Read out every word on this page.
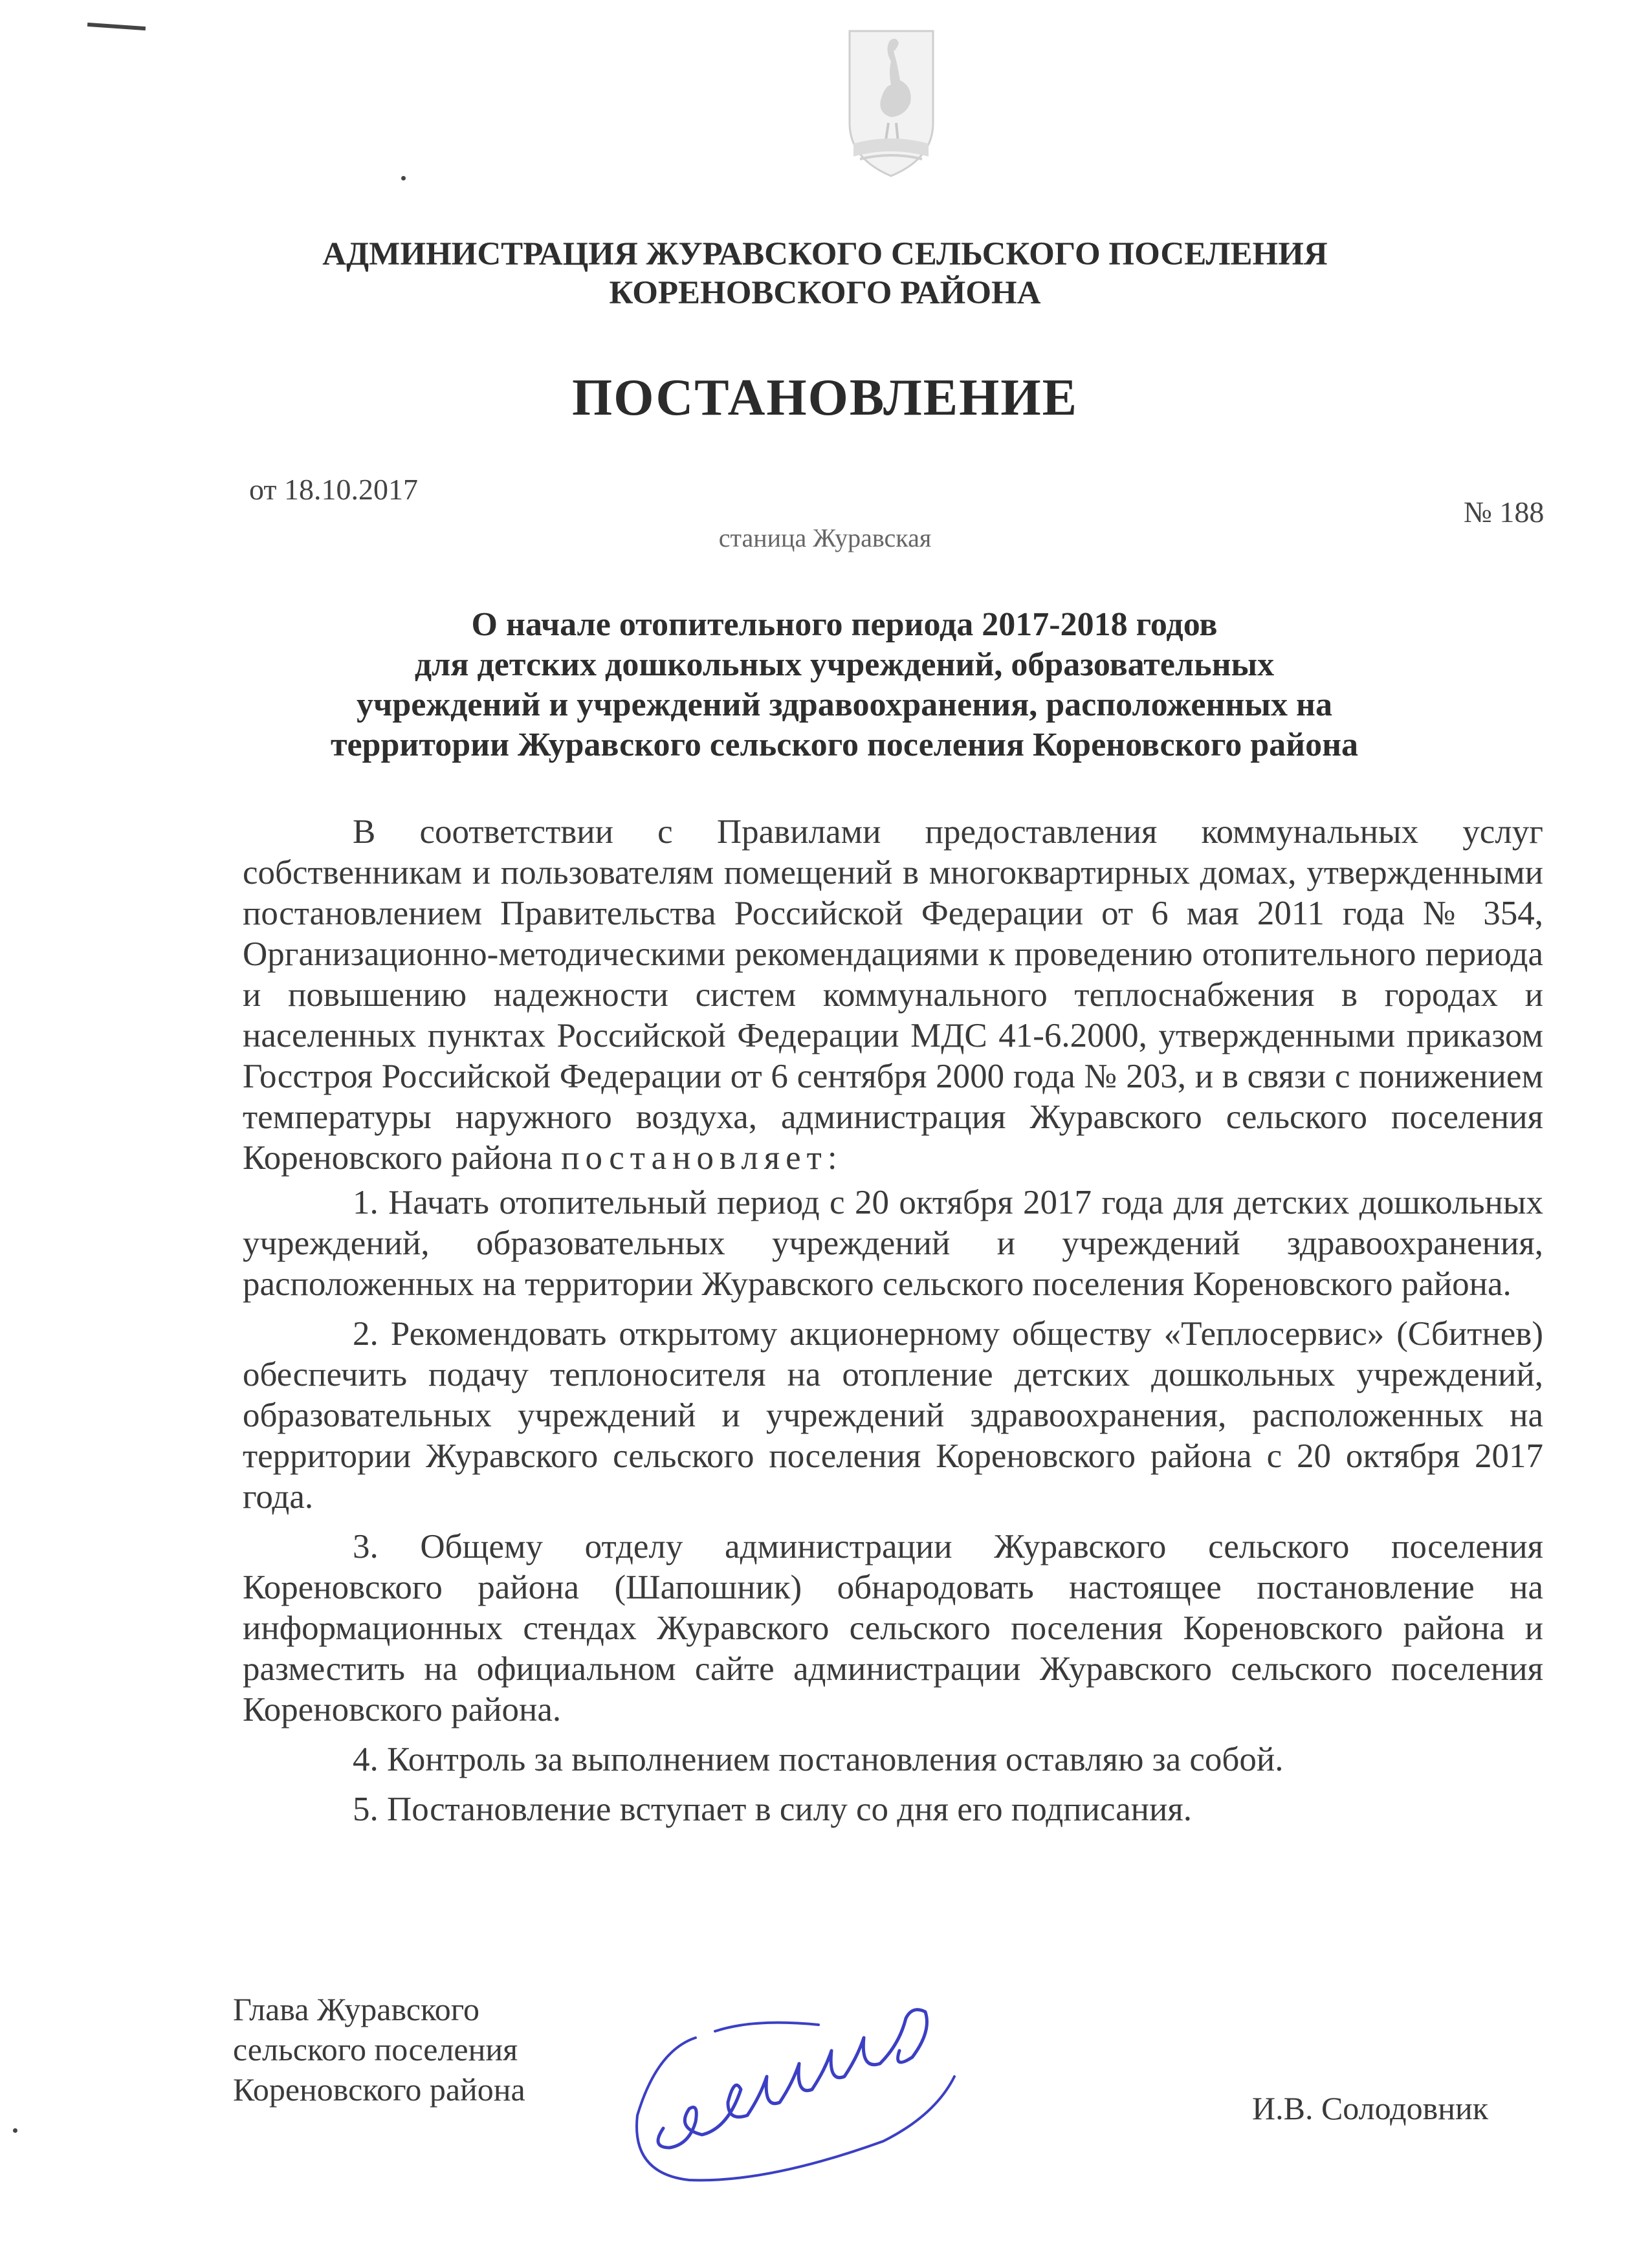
АДМИНИСТРАЦИЯ ЖУРАВСКОГО СЕЛЬСКОГО ПОСЕЛЕНИЯ
КОРЕНОВСКОГО РАЙОНА
ПОСТАНОВЛЕНИЕ
от 18.10.2017
№ 188
станица Журавская
О начале отопительного периода 2017-2018 годов
для детских дошкольных учреждений, образовательных
учреждений и учреждений здравоохранения, расположенных на
территории Журавского сельского поселения Кореновского района

В соответствии с Правилами предоставления коммунальных услуг собственникам и пользователям помещений в многоквартирных домах, утвержденными постановлением Правительства Российской Федерации от 6 мая 2011 года № 354, Организационно-методическими рекомендациями к проведению отопительного периода и повышению надежности систем коммунального теплоснабжения в городах и населенных пунктах Российской Федерации МДС 41-6.2000, утвержденными приказом Госстроя Российской Федерации от 6 сентября 2000 года № 203, и в связи с понижением температуры наружного воздуха, администрация Журавского сельского поселения Кореновского района постановляет:

1. Начать отопительный период с 20 октября 2017 года для детских дошкольных учреждений, образовательных учреждений и учреждений здравоохранения, расположенных на территории Журавского сельского поселения Кореновского района.

2. Рекомендовать открытому акционерному обществу «Теплосервис» (Сбитнев) обеспечить подачу теплоносителя на отопление детских дошкольных учреждений, образовательных учреждений и учреждений здравоохранения, расположенных на территории Журавского сельского поселения Кореновского района с 20 октября 2017 года.

3. Общему отделу администрации Журавского сельского поселения Кореновского района (Шапошник) обнародовать настоящее постановление на информационных стендах Журавского сельского поселения Кореновского района и разместить на официальном сайте администрации Журавского сельского поселения Кореновского района.

4. Контроль за выполнением постановления оставляю за собой.

5. Постановление вступает в силу со дня его подписания.

Глава Журавского
сельского поселения
Кореновского района
И.В. Солодовник
